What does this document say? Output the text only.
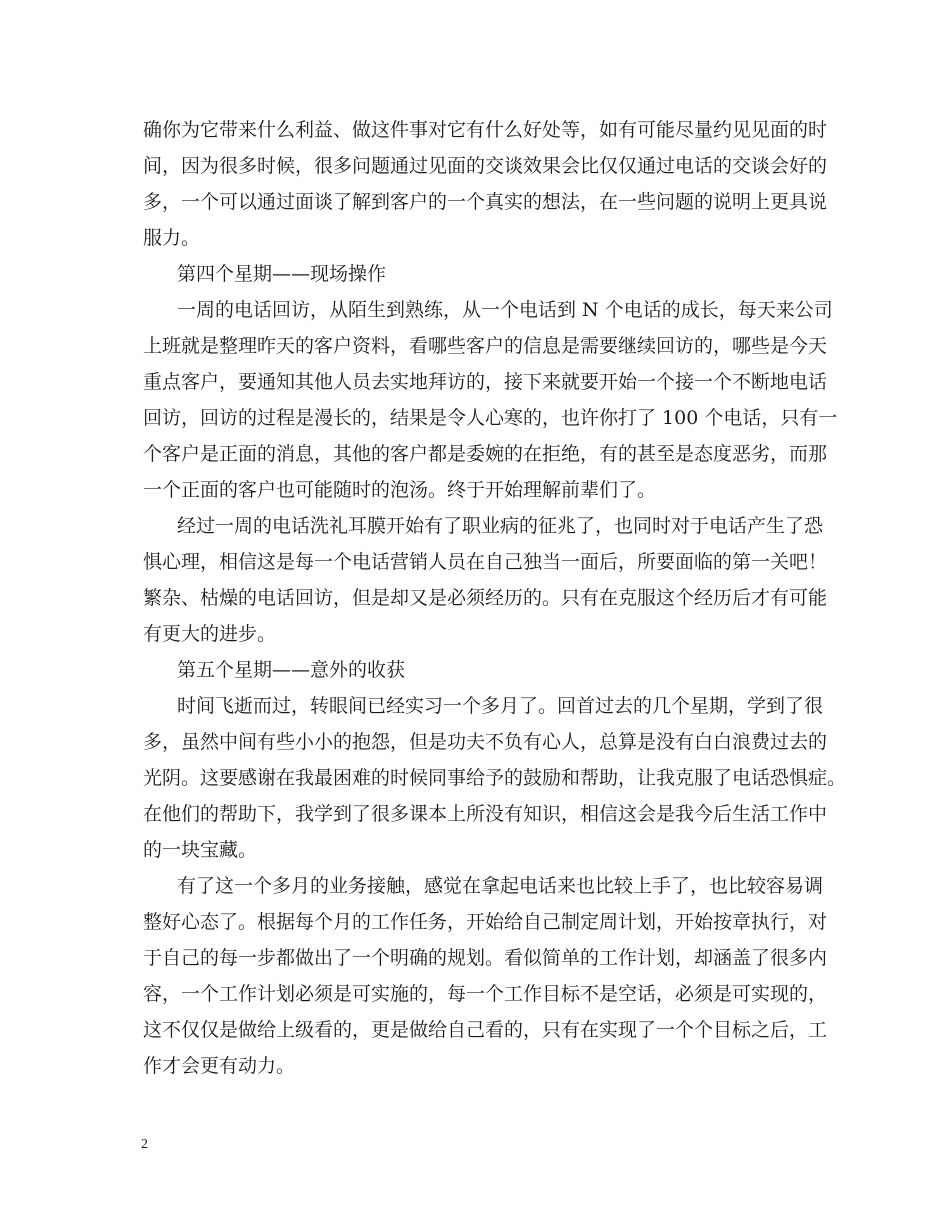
确你为它带来什么利益、做这件事对它有什么好处等，如有可能尽量约见见面的时
间，因为很多时候，很多问题通过见面的交谈效果会比仅仅通过电话的交谈会好的
多，一个可以通过面谈了解到客户的一个真实的想法，在一些问题的说明上更具说
服力。
第四个星期——现场操作
一周的电话回访，从陌生到熟练，从一个电话到 N 个电话的成长，每天来公司
上班就是整理昨天的客户资料，看哪些客户的信息是需要继续回访的，哪些是今天
重点客户，要通知其他人员去实地拜访的，接下来就要开始一个接一个不断地电话
回访，回访的过程是漫长的，结果是令人心寒的，也许你打了 100 个电话，只有一
个客户是正面的消息，其他的客户都是委婉的在拒绝，有的甚至是态度恶劣，而那
一个正面的客户也可能随时的泡汤。终于开始理解前辈们了。
经过一周的电话洗礼耳膜开始有了职业病的征兆了，也同时对于电话产生了恐
惧心理，相信这是每一个电话营销人员在自己独当一面后，所要面临的第一关吧！
繁杂、枯燥的电话回访，但是却又是必须经历的。只有在克服这个经历后才有可能
有更大的进步。
第五个星期——意外的收获
时间飞逝而过，转眼间已经实习一个多月了。回首过去的几个星期，学到了很
多，虽然中间有些小小的抱怨，但是功夫不负有心人，总算是没有白白浪费过去的
光阴。这要感谢在我最困难的时候同事给予的鼓励和帮助，让我克服了电话恐惧症。
在他们的帮助下，我学到了很多课本上所没有知识，相信这会是我今后生活工作中
的一块宝藏。
有了这一个多月的业务接触，感觉在拿起电话来也比较上手了，也比较容易调
整好心态了。根据每个月的工作任务，开始给自己制定周计划，开始按章执行，对
于自己的每一步都做出了一个明确的规划。看似简单的工作计划，却涵盖了很多内
容，一个工作计划必须是可实施的，每一个工作目标不是空话，必须是可实现的，
这不仅仅是做给上级看的，更是做给自己看的，只有在实现了一个个目标之后，工
作才会更有动力。
2
